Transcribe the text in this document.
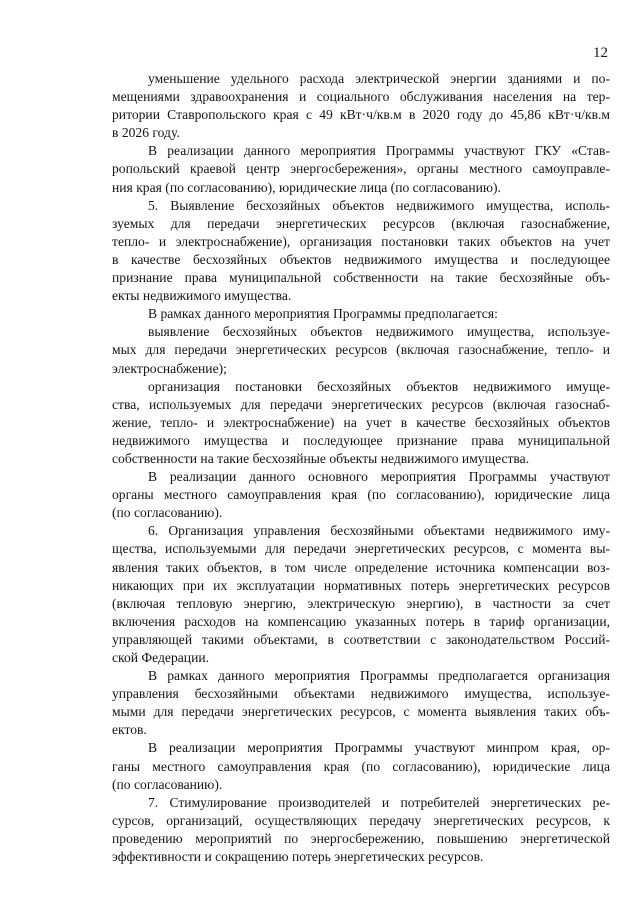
12
уменьшение удельного расхода электрической энергии зданиями и по-
мещениями здравоохранения и социального обслуживания населения на тер-
ритории Ставропольского края с 49 кВт·ч/кв.м в 2020 году до 45,86 кВт·ч/кв.м
в 2026 году.
В реализации данного мероприятия Программы участвуют ГКУ «Став-
ропольский краевой центр энергосбережения», органы местного самоуправле-
ния края (по согласованию), юридические лица (по согласованию).
5. Выявление бесхозяйных объектов недвижимого имущества, исполь-
зуемых для передачи энергетических ресурсов (включая газоснабжение,
тепло- и электроснабжение), организация постановки таких объектов на учет
в качестве бесхозяйных объектов недвижимого имущества и последующее
признание права муниципальной собственности на такие бесхозяйные объ-
екты недвижимого имущества.
В рамках данного мероприятия Программы предполагается:
выявление бесхозяйных объектов недвижимого имущества, используе-
мых для передачи энергетических ресурсов (включая газоснабжение, тепло- и
электроснабжение);
организация постановки бесхозяйных объектов недвижимого имуще-
ства, используемых для передачи энергетических ресурсов (включая газоснаб-
жение, тепло- и электроснабжение) на учет в качестве бесхозяйных объектов
недвижимого имущества и последующее признание права муниципальной
собственности на такие бесхозяйные объекты недвижимого имущества.
В реализации данного основного мероприятия Программы участвуют
органы местного самоуправления края (по согласованию), юридические лица
(по согласованию).
6. Организация управления бесхозяйными объектами недвижимого иму-
щества, используемыми для передачи энергетических ресурсов, с момента вы-
явления таких объектов, в том числе определение источника компенсации воз-
никающих при их эксплуатации нормативных потерь энергетических ресурсов
(включая тепловую энергию, электрическую энергию), в частности за счет
включения расходов на компенсацию указанных потерь в тариф организации,
управляющей такими объектами, в соответствии с законодательством Россий-
ской Федерации.
В рамках данного мероприятия Программы предполагается организация
управления бесхозяйными объектами недвижимого имущества, используе-
мыми для передачи энергетических ресурсов, с момента выявления таких объ-
ектов.
В реализации мероприятия Программы участвуют минпром края, ор-
ганы местного самоуправления края (по согласованию), юридические лица
(по согласованию).
7. Стимулирование производителей и потребителей энергетических ре-
сурсов, организаций, осуществляющих передачу энергетических ресурсов, к
проведению мероприятий по энергосбережению, повышению энергетической
эффективности и сокращению потерь энергетических ресурсов.
